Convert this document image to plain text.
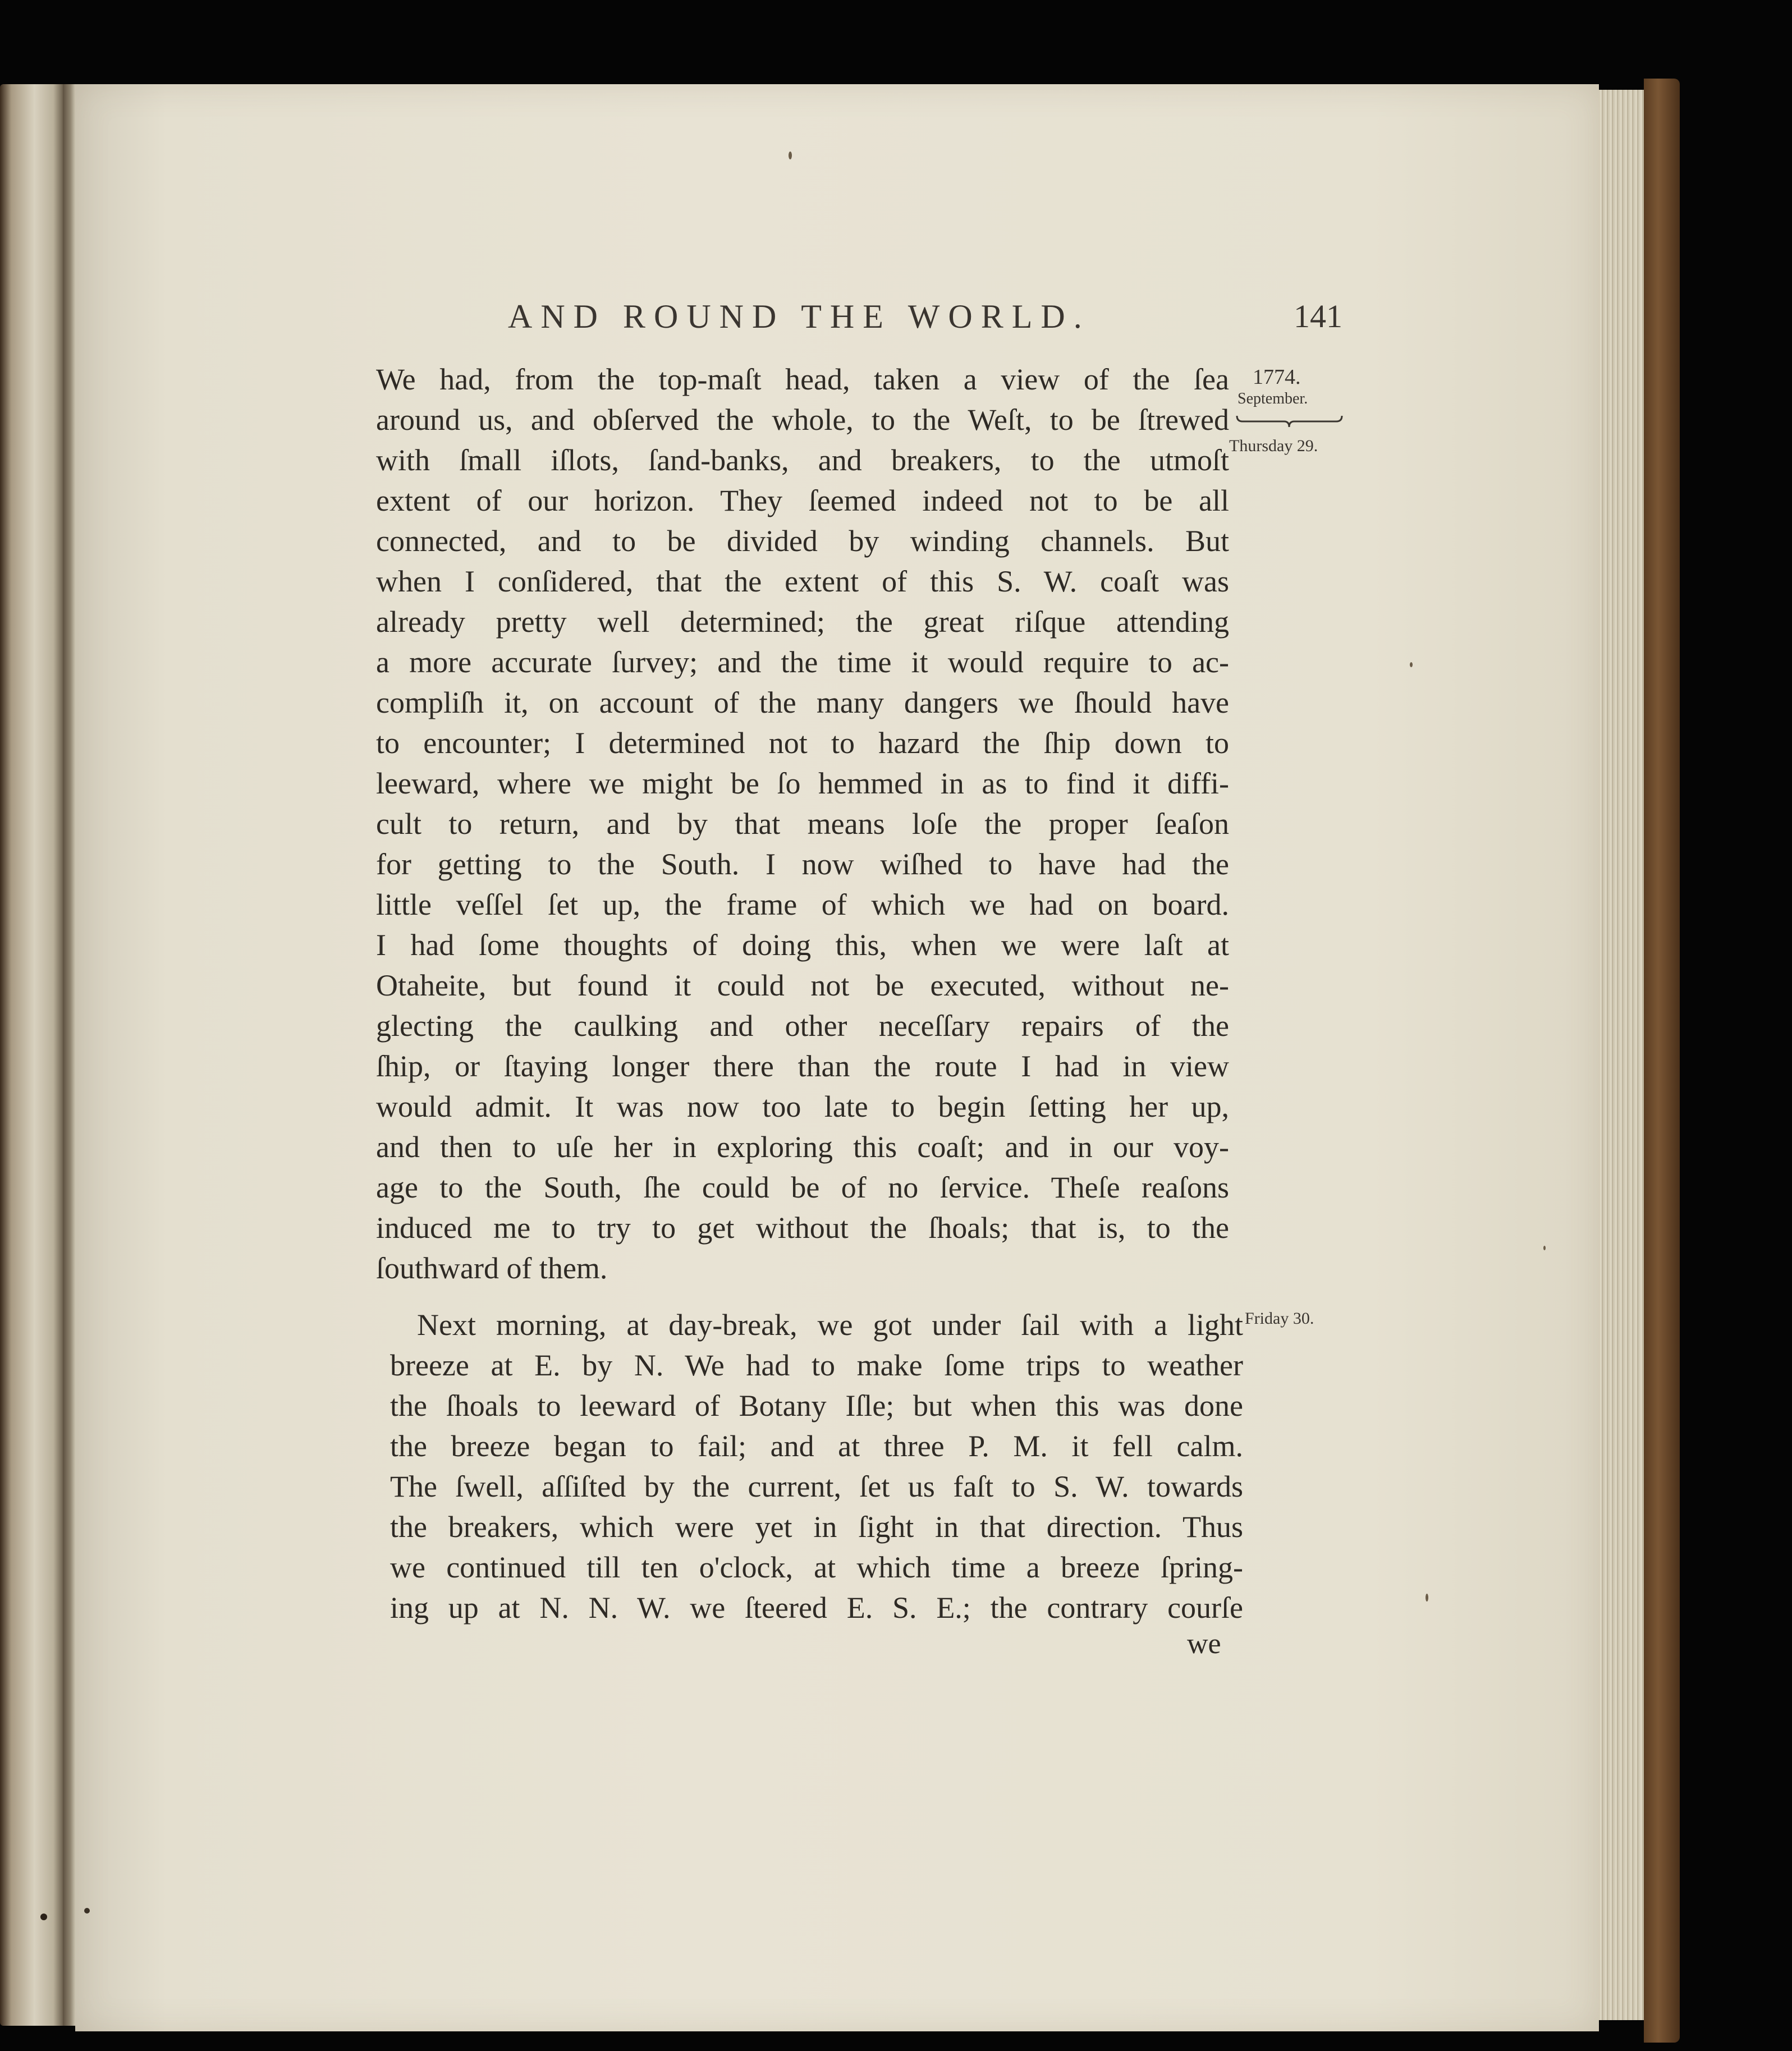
AND ROUND THE WORLD.	141
1774.
September.
Thursday 29.
Friday 30.
We had, from the top-maſt head, taken a view of the ſea
around us, and obſerved the whole, to the Weſt, to be ſtrewed
with ſmall iſlots, ſand-banks, and breakers, to the utmoſt
extent of our horizon. They ſeemed indeed not to be all
connected, and to be divided by winding channels. But
when I conſidered, that the extent of this S. W. coaſt was
already pretty well determined; the great riſque attending
a more accurate ſurvey; and the time it would require to ac-
compliſh it, on account of the many dangers we ſhould have
to encounter; I determined not to hazard the ſhip down to
leeward, where we might be ſo hemmed in as to find it diffi-
cult to return, and by that means loſe the proper ſeaſon
for getting to the South. I now wiſhed to have had the
little veſſel ſet up, the frame of which we had on board.
I had ſome thoughts of doing this, when we were laſt at
Otaheite, but found it could not be executed, without ne-
glecting the caulking and other neceſſary repairs of the
ſhip, or ſtaying longer there than the route I had in view
would admit. It was now too late to begin ſetting her up,
and then to uſe her in exploring this coaſt; and in our voy-
age to the South, ſhe could be of no ſervice. Theſe reaſons
induced me to try to get without the ſhoals; that is, to the
ſouthward of them.
Next morning, at day-break, we got under ſail with a light
breeze at E. by N. We had to make ſome trips to weather
the ſhoals to leeward of Botany Iſle; but when this was done
the breeze began to fail; and at three P. M. it fell calm.
The ſwell, aſſiſted by the current, ſet us faſt to S. W. towards
the breakers, which were yet in ſight in that direction. Thus
we continued till ten o'clock, at which time a breeze ſpring-
ing up at N. N. W. we ſteered E. S. E.; the contrary courſe
we
